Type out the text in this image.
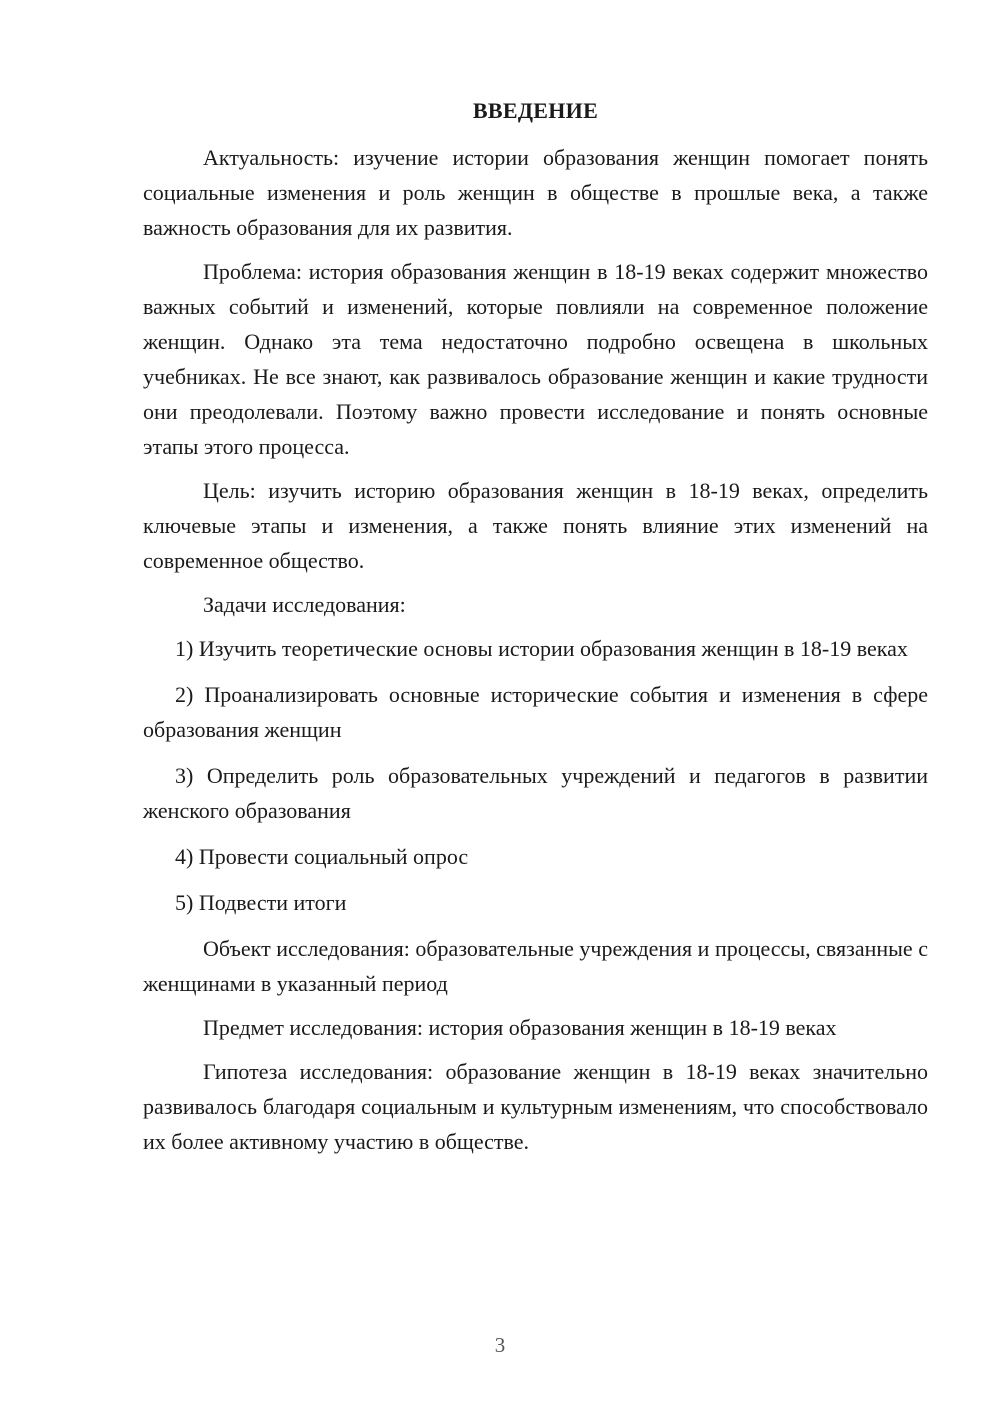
ВВЕДЕНИЕ

Актуальность: изучение истории образования женщин помогает понять социальные изменения и роль женщин в обществе в прошлые века, а также важность образования для их развития.

Проблема: история образования женщин в 18-19 веках содержит множество важных событий и изменений, которые повлияли на современное положение женщин. Однако эта тема недостаточно подробно освещена в школьных учебниках. Не все знают, как развивалось образование женщин и какие трудности они преодолевали. Поэтому важно провести исследование и понять основные этапы этого процесса.

Цель: изучить историю образования женщин в 18-19 веках, определить ключевые этапы и изменения, а также понять влияние этих изменений на современное общество.

Задачи исследования:

1) Изучить теоретические основы истории образования женщин в 18-19 веках

2) Проанализировать основные исторические события и изменения в сфере образования женщин

3) Определить роль образовательных учреждений и педагогов в развитии женского образования

4) Провести социальный опрос

5) Подвести итоги

Объект исследования: образовательные учреждения и процессы, связанные с женщинами в указанный период

Предмет исследования: история образования женщин в 18-19 веках

Гипотеза исследования: образование женщин в 18-19 веках значительно развивалось благодаря социальным и культурным изменениям, что способствовало их более активному участию в обществе.

3
